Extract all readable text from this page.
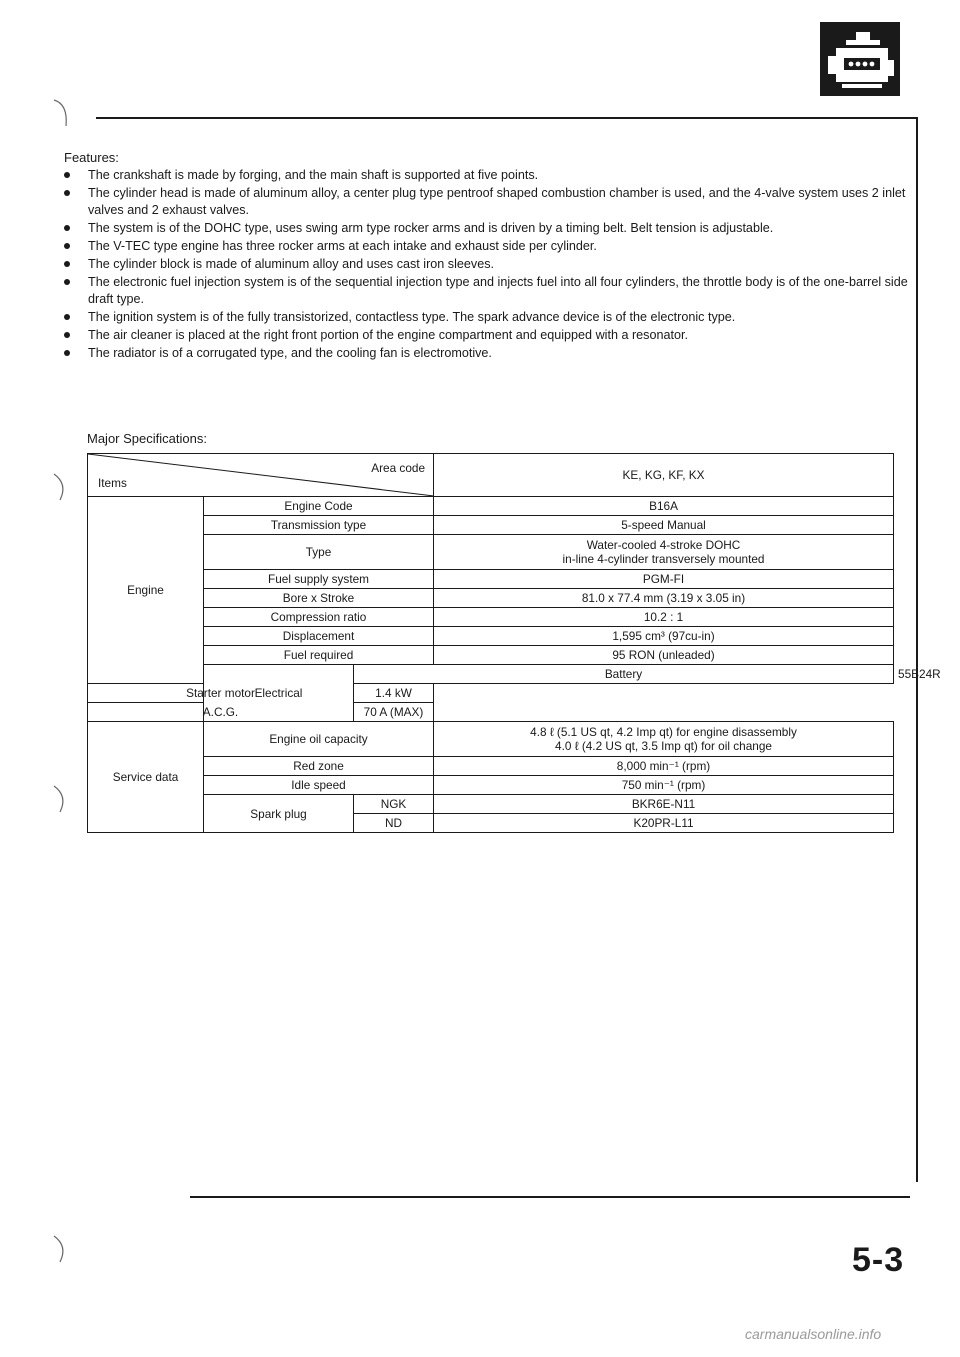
Features:
The crankshaft is made by forging, and the main shaft is supported at five points.
The cylinder head is made of aluminum alloy, a center plug type pentroof shaped combustion chamber is used, and the 4-valve system uses 2 inlet valves and 2 exhaust valves.
The system is of the DOHC type, uses swing arm type rocker arms and is driven by a timing belt. Belt tension is adjustable.
The V-TEC type engine has three rocker arms at each intake and exhaust side per cylinder.
The cylinder block is made of aluminum alloy and uses cast iron sleeves.
The electronic fuel injection system is of the sequential injection type and injects fuel into all four cylinders, the throttle body is of the one-barrel side draft type.
The ignition system is of the fully transistorized, contactless type. The spark advance device is of the electronic type.
The air cleaner is placed at the right front portion of the engine compartment and equipped with a resonator.
The radiator is of a corrugated type, and the cooling fan is electromotive.
Major Specifications:
Area code
Items			KE, KG, KF, KX	
Engine	Engine Code		B16A	
	Transmission type		5-speed Manual	
	Type		Water-cooled 4-stroke DOHC
in-line 4-cylinder transversely mounted	

	Fuel supply system		PGM-FI	
	Bore x Stroke		81.0 x 77.4 mm (3.19 x 3.05 in)	
	Compression ratio		10.2 : 1	
	Displacement		1,595 cm³ (97cu-in)	
	Fuel required		95 RON (unleaded)	
	Electrical	Battery		55B24R
Starter motor		1.4 kW		
A.C.G.		70 A (MAX)		
Service data	Engine oil capacity		4.8 ℓ (5.1 US qt, 4.2 Imp qt) for engine disassembly
4.0 ℓ (4.2 US qt, 3.5 Imp qt) for oil change	

	Red zone		8,000 min⁻¹ (rpm)	
	Idle speed		750 min⁻¹ (rpm)	
	Spark plug	NGK	BKR6E-N11	
		ND	K20PR-L11	
5-3
carmanualsonline.info
